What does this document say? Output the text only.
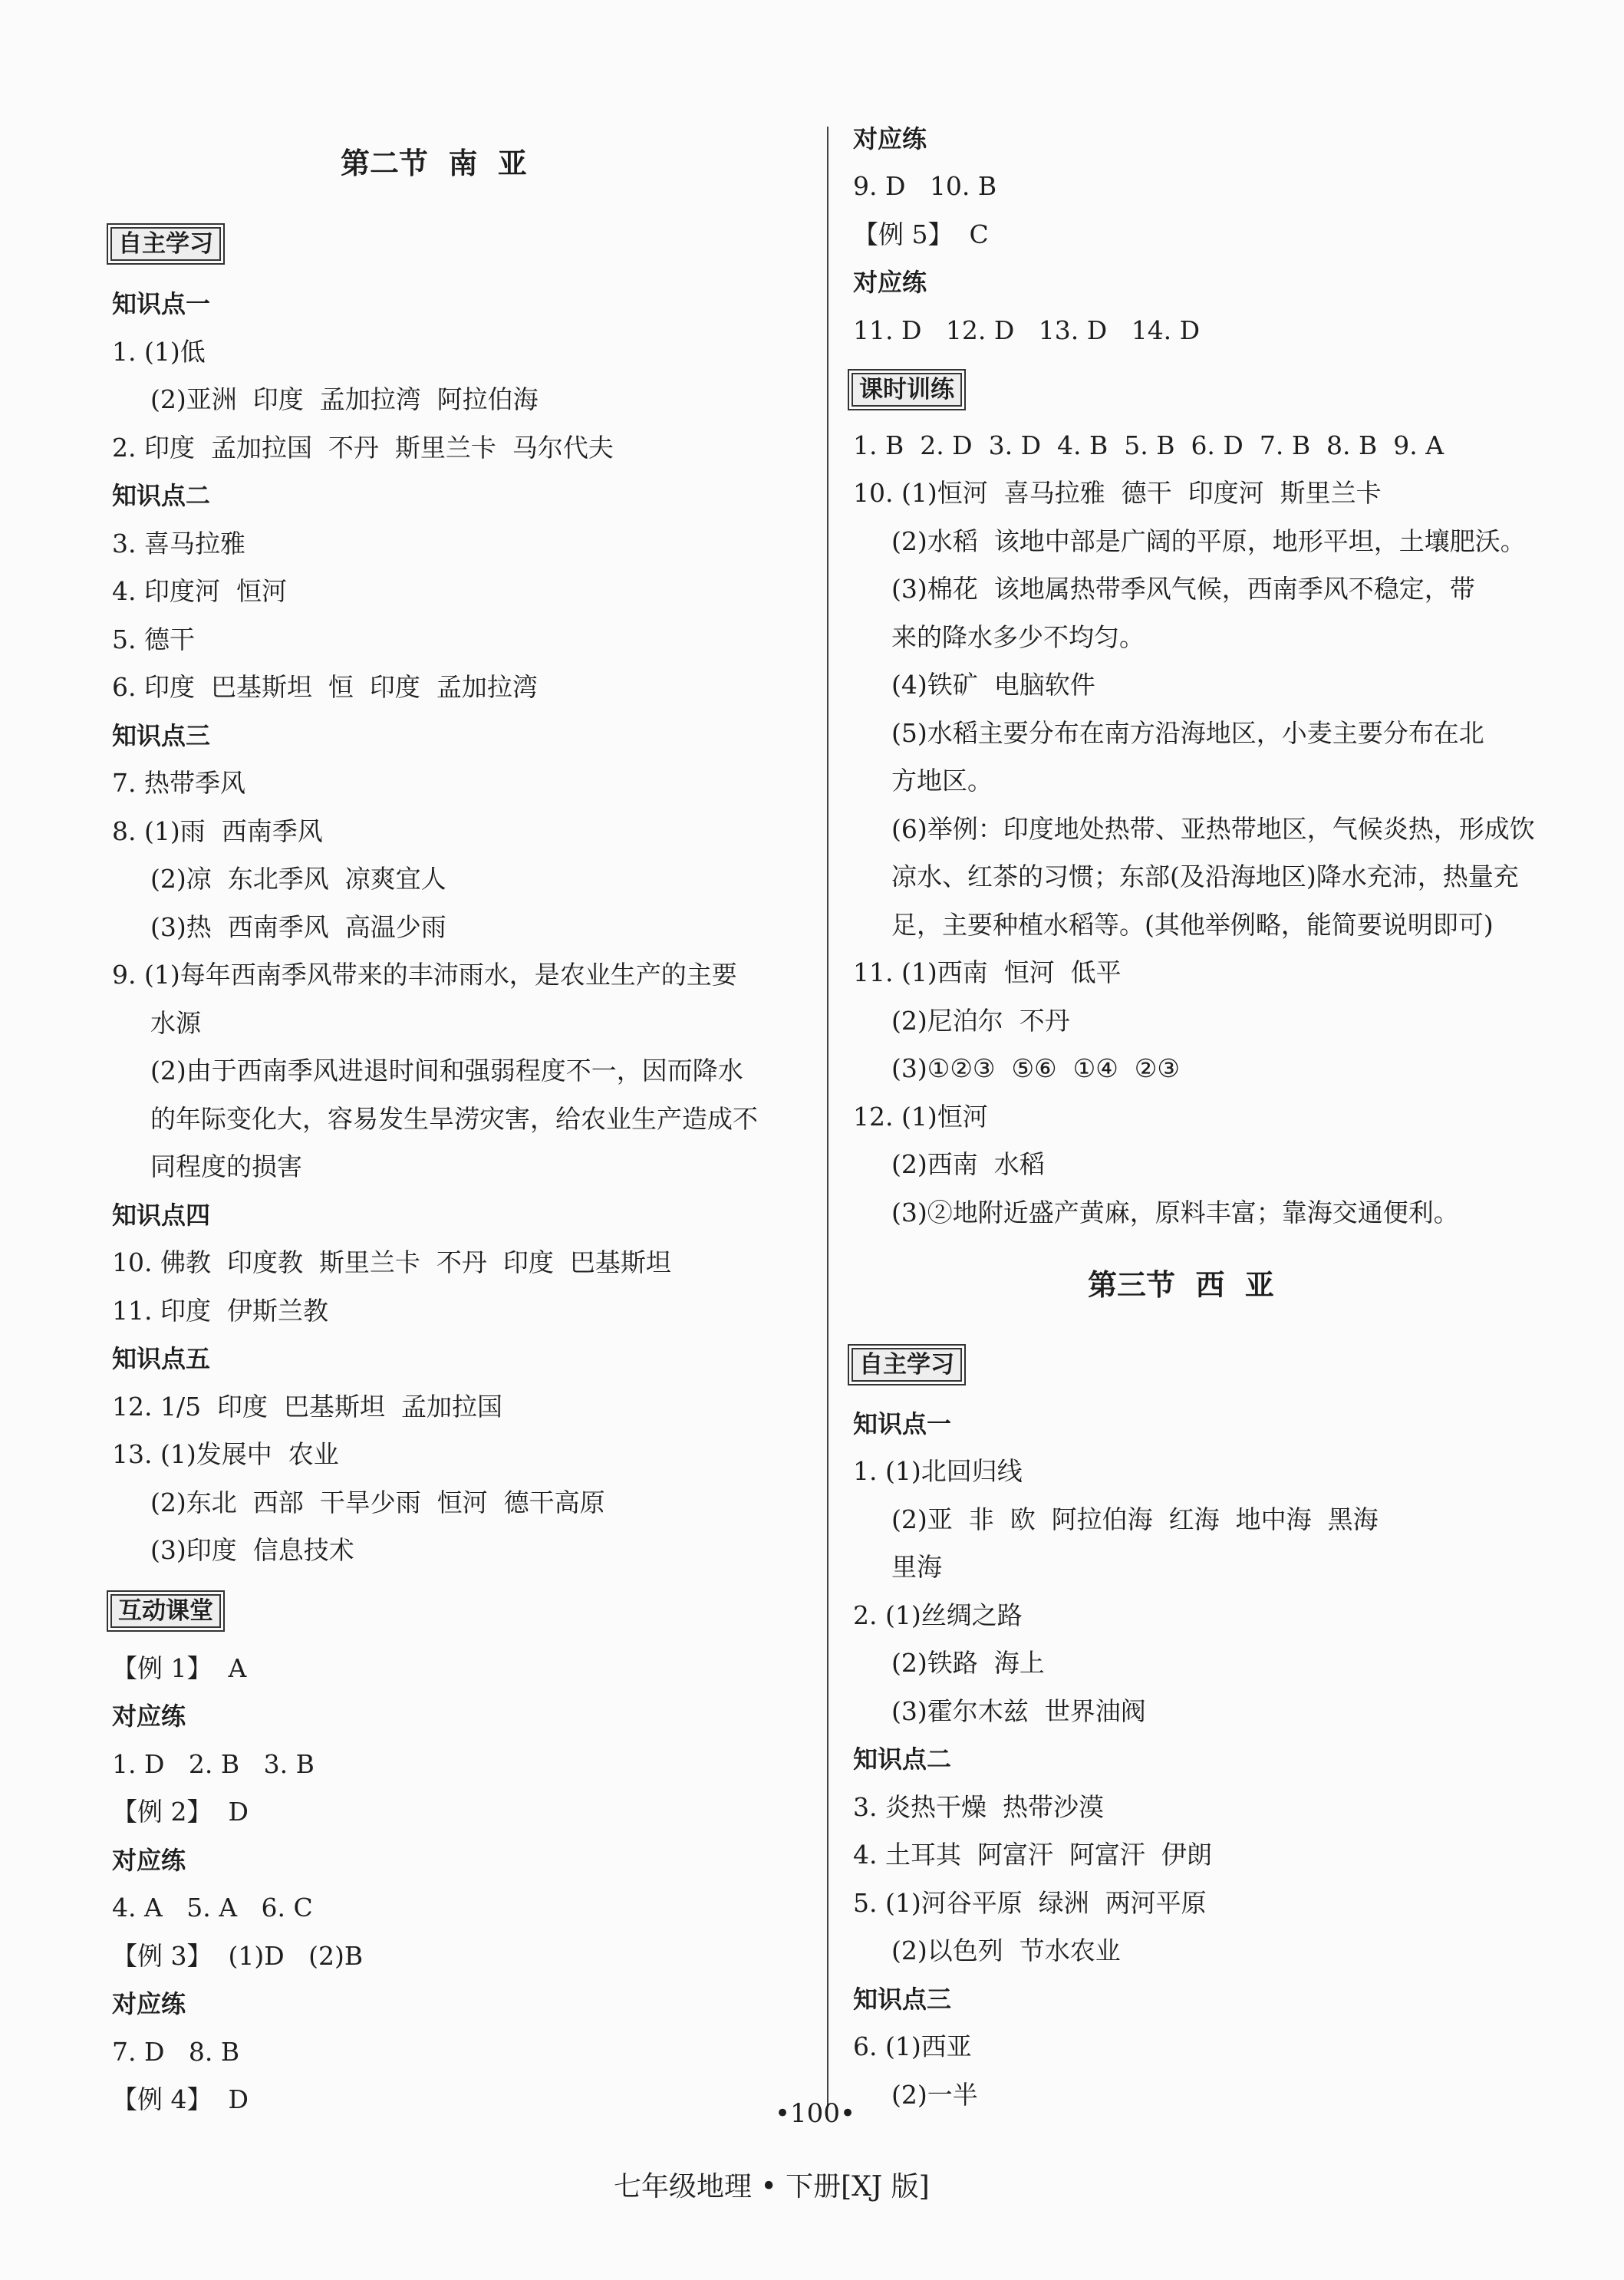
第二节  南  亚
自主学习
知识点一
1. (1)低
(2)亚洲  印度  孟加拉湾  阿拉伯海
2. 印度  孟加拉国  不丹  斯里兰卡  马尔代夫
知识点二
3. 喜马拉雅
4. 印度河  恒河
5. 德干
6. 印度  巴基斯坦  恒  印度  孟加拉湾
知识点三
7. 热带季风
8. (1)雨  西南季风
(2)凉  东北季风  凉爽宜人
(3)热  西南季风  高温少雨
9. (1)每年西南季风带来的丰沛雨水，是农业生产的主要
水源
(2)由于西南季风进退时间和强弱程度不一，因而降水
的年际变化大，容易发生旱涝灾害，给农业生产造成不
同程度的损害
知识点四
10. 佛教  印度教  斯里兰卡  不丹  印度  巴基斯坦
11. 印度  伊斯兰教
知识点五
12. 1/5  印度  巴基斯坦  孟加拉国
13. (1)发展中  农业
(2)东北  西部  干旱少雨  恒河  德干高原
(3)印度  信息技术
互动课堂
【例 1】  A
对应练
1. D   2. B   3. B
【例 2】  D
对应练
4. A   5. A   6. C
【例 3】  (1)D   (2)B
对应练
7. D   8. B
【例 4】  D
对应练
9. D   10. B
【例 5】  C
对应练
11. D   12. D   13. D   14. D
课时训练
1. B  2. D  3. D  4. B  5. B  6. D  7. B  8. B  9. A
10. (1)恒河  喜马拉雅  德干  印度河  斯里兰卡
(2)水稻  该地中部是广阔的平原，地形平坦，土壤肥沃。
(3)棉花  该地属热带季风气候，西南季风不稳定，带
来的降水多少不均匀。
(4)铁矿  电脑软件
(5)水稻主要分布在南方沿海地区，小麦主要分布在北
方地区。
(6)举例：印度地处热带、亚热带地区，气候炎热，形成饮
凉水、红茶的习惯；东部(及沿海地区)降水充沛，热量充
足，主要种植水稻等。(其他举例略，能简要说明即可)
11. (1)西南  恒河  低平
(2)尼泊尔  不丹
(3)①②③  ⑤⑥  ①④  ②③
12. (1)恒河
(2)西南  水稻
(3)②地附近盛产黄麻，原料丰富；靠海交通便利。
第三节  西  亚
自主学习
知识点一
1. (1)北回归线
(2)亚  非  欧  阿拉伯海  红海  地中海  黑海
里海
2. (1)丝绸之路
(2)铁路  海上
(3)霍尔木兹  世界油阀
知识点二
3. 炎热干燥  热带沙漠
4. 土耳其  阿富汗  阿富汗  伊朗
5. (1)河谷平原  绿洲  两河平原
(2)以色列  节水农业
知识点三
6. (1)西亚
(2)一半
•100•
七年级地理 • 下册[XJ 版]
